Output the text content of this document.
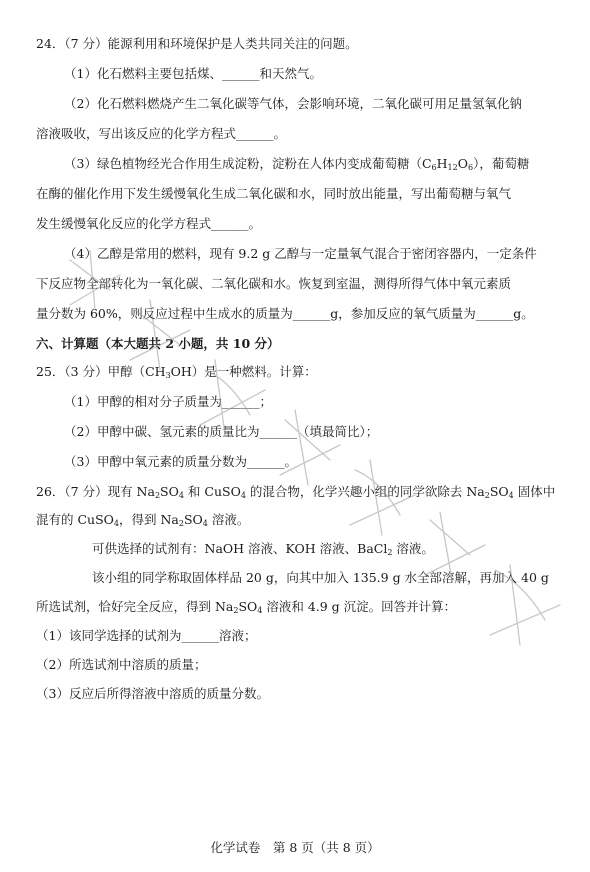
24．（7 分）能源利用和环境保护是人类共同关注的问题。
（1）化石燃料主要包括煤、______和天然气。
（2）化石燃料燃烧产生二氧化碳等气体，会影响环境，二氧化碳可用足量氢氧化钠
溶液吸收，写出该反应的化学方程式______。
（3）绿色植物经光合作用生成淀粉，淀粉在人体内变成葡萄糖$(C_6H_{12}O_6)$，葡萄糖
在酶的催化作用下发生缓慢氧化生成二氧化碳和水，同时放出能量，写出葡萄糖与氧气
发生缓慢氧化反应的化学方程式______。
（4）乙醇是常用的燃料，现有 9.2 g 乙醇与一定量氧气混合于密闭容器内，一定条件
下反应物全部转化为一氧化碳、二氧化碳和水。恢复到室温，测得所得气体中氧元素质
量分数为 60%，则反应过程中生成水的质量为______g，参加反应的氧气质量为______g。
六、计算题（本大题共 2 小题，共 10 分）
25．（3 分）甲醇$(CH_3OH)$是一种燃料。计算：
（1）甲醇的相对分子质量为______；
（2）甲醇中碳、氢元素的质量比为______（填最简比）；
（3）甲醇中氧元素的质量分数为______。
26．（7 分）现有 $Na_2SO_4$ 和 CuSO$_4$ 的混合物，化学兴趣小组的同学欲除去 $Na_2SO_4$ 固体中
混有的 CuSO$_4$，得到 $Na_2SO_4$ 溶液。
可供选择的试剂有：NaOH 溶液、KOH 溶液、BaCl$_2$ 溶液。
该小组的同学称取固体样品 20 g，向其中加入 135.9 g 水全部溶解，再加入 40 g
所选试剂，恰好完全反应，得到 $Na_2SO_4$ 溶液和 4.9 g 沉淀。回答并计算：
（1）该同学选择的试剂为______溶液；
（2）所选试剂中溶质的质量；
（3）反应后所得溶液中溶质的质量分数。
化学试卷　第 8 页（共 8 页）
